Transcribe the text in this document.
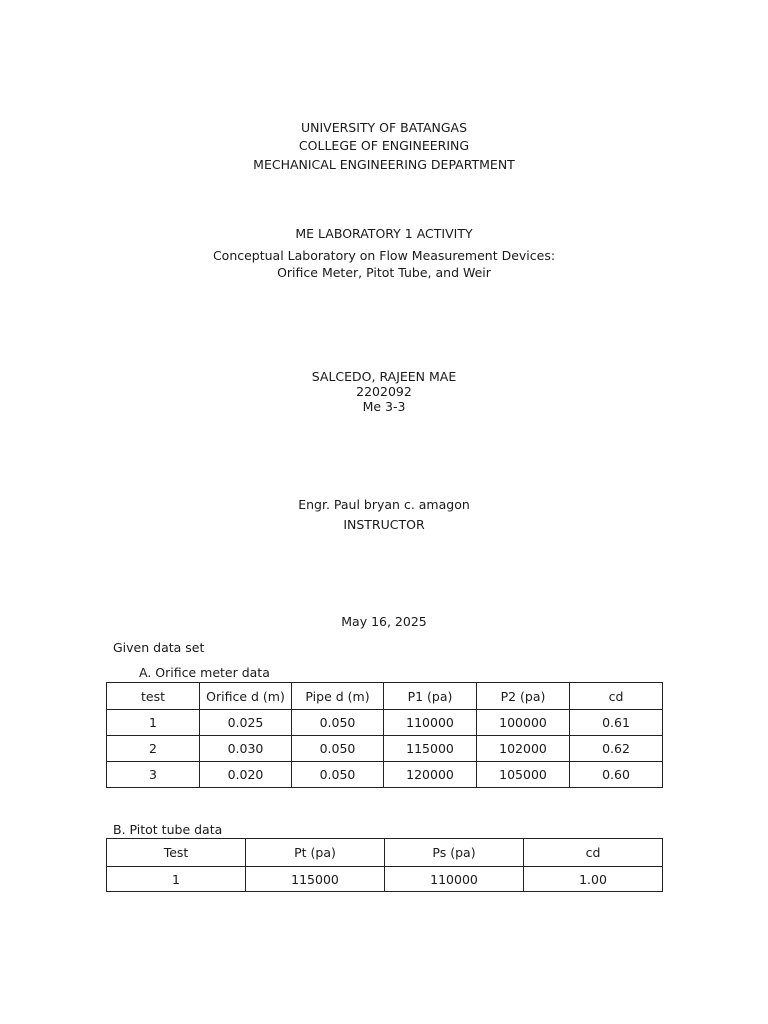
UNIVERSITY OF BATANGAS
COLLEGE OF ENGINEERING
MECHANICAL ENGINEERING DEPARTMENT
ME LABORATORY 1 ACTIVITY
Conceptual Laboratory on Flow Measurement Devices:
Orifice Meter, Pitot Tube, and Weir
SALCEDO, RAJEEN MAE
2202092
Me 3-3
Engr. Paul bryan c. amagon
INSTRUCTOR
May 16, 2025
Given data set
A. Orifice meter data
test	Orifice d (m)	Pipe d (m)	P1 (pa)	P2 (pa)	cd
1	0.025	0.050	110000	100000	0.61
2	0.030	0.050	115000	102000	0.62
3	0.020	0.050	120000	105000	0.60
B. Pitot tube data
Test	Pt (pa)	Ps (pa)	cd
1	115000	110000	1.00
